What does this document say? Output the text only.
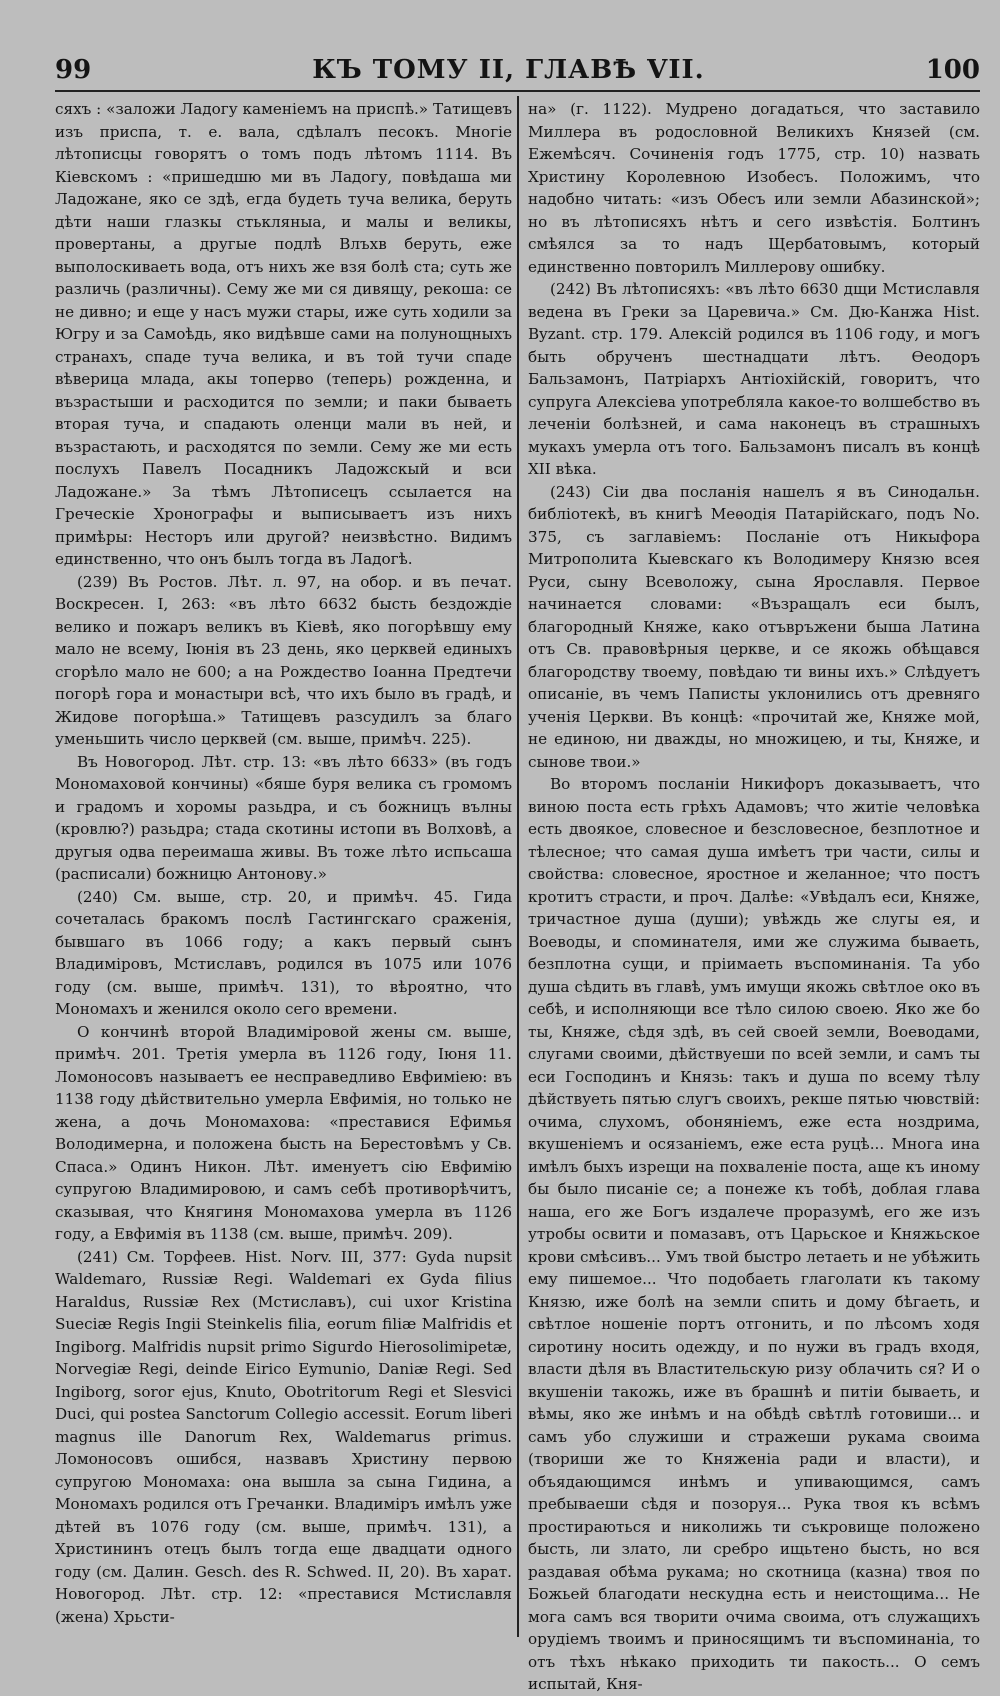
99	КЪ ТОМУ II, ГЛАВѢ VII.	100

сяхъ : «заложи Ладогу каменіемъ на приспѣ.» Татищевъ изъ приспа, т. е. вала, сдѣлалъ песокъ. Многіе лѣтописцы говорятъ о томъ подъ лѣтомъ 1114. Въ Кіевскомъ : «пришедшю ми въ Ладогу, повѣдаша ми Ладожане, яко се здѣ, егда будеть туча велика, беруть дѣти наши глазкы стькляныа, и малы и великы, провертаны, а другые подлѣ Влъхв беруть, еже выполоскиваеть вода, отъ нихъ же взя болѣ ста; суть же различь (различны). Сему же ми ся дивящу, рекоша: се не дивно; и еще у насъ мужи стары, иже суть ходили за Югру и за Самоѣдь, яко видѣвше сами на полунощныхъ странахъ, спаде туча велика, и въ той тучи спаде вѣверица млада, акы топерво (теперь) рожденна, и възрастыши и расходится по земли; и паки бываеть вторая туча, и спадають оленци мали въ ней, и възрастають, и расходятся по земли. Сему же ми есть послухъ Павелъ Посадникъ Ладожскый и вси Ладожане.» За тѣмъ Лѣтописецъ ссылается на Греческіе Хронографы и выписываетъ изъ нихъ примѣры: Несторъ или другой? неизвѣстно. Видимъ единственно, что онъ былъ тогда въ Ладогѣ.

(239) Въ Ростов. Лѣт. л. 97, на обор. и въ печат. Воскресен. I, 263: «въ лѣто 6632 бысть бездождіе велико и пожаръ великъ въ Кіевѣ, яко погорѣвшу ему мало не всему, Іюнія въ 23 день, яко церквей единыхъ сгорѣло мало не 600; а на Рождество Іоанна Предтечи погорѣ гора и монастыри всѣ, что ихъ было въ градѣ, и Жидове погорѣша.» Татищевъ разсудилъ за благо уменьшить число церквей (см. выше, примѣч. 225).

Въ Новогород. Лѣт. стр. 13: «въ лѣто 6633» (въ годъ Мономаховой кончины) «бяше буря велика съ громомъ и градомъ и хоромы разьдра, и съ божницъ вълны (кровлю?) разьдра; стада скотины истопи въ Волховѣ, а другыя одва переимаша живы. Въ тоже лѣто испьсаша (расписали) божницю Антонову.»

(240) См. выше, стр. 20, и примѣч. 45. Гида сочеталась бракомъ послѣ Гастингскаго сраженія, бывшаго въ 1066 году; а какъ первый сынъ Владиміровъ, Мстиславъ, родился въ 1075 или 1076 году (см. выше, примѣч. 131), то вѣроятно, что Мономахъ и женился около сего времени.

О кончинѣ второй Владиміровой жены см. выше, примѣч. 201. Третія умерла въ 1126 году, Іюня 11. Ломоносовъ называетъ ее несправедливо Евфиміею: въ 1138 году дѣйствительно умерла Евфимія, но только не жена, а дочь Мономахова: «преставися Ефимья Володимерна, и положена бысть на Берестовѣмъ у Св. Спаса.» Одинъ Никон. Лѣт. именуетъ сію Евфимію супругою Владимировою, и самъ себѣ противорѣчитъ, сказывая, что Княгиня Мономахова умерла въ 1126 году, а Евфимія въ 1138 (см. выше, примѣч. 209).

(241) См. Торфеев. Hist. Norv. III, 377: Gyda nupsit Waldemaro, Russiæ Regi. Waldemari ex Gyda filius Haraldus, Russiæ Rex (Мстиславъ), cui uxor Kristina Sueciæ Regis Ingii Steinkelis filia, eorum filiæ Malfridis et Ingiborg. Malfridis nupsit primo Sigurdo Hierosolimipetæ, Norvegiæ Regi, deinde Eirico Eymunio, Daniæ Regi. Sed Ingiborg, soror ejus, Knuto, Obotritorum Regi et Slesvici Duci, qui postea Sanctorum Collegio accessit. Eorum liberi magnus ille Danorum Rex, Waldemarus primus. Ломоносовъ ошибся, назвавъ Христину первою супругою Мономаха: она вышла за сына Гидина, а Мономахъ родился отъ Гречанки. Владиміръ имѣлъ уже дѣтей въ 1076 году (см. выше, примѣч. 131), а Христининъ отецъ былъ тогда еще двадцати одного году (см. Далин. Gesch. des R. Schwed. II, 20). Въ харат. Новогород. Лѣт. стр. 12: «преставися Мстиславля (жена) Хрьсти-

на» (г. 1122). Мудрено догадаться, что заставило Миллера въ родословной Великихъ Князей (см. Ежемѣсяч. Сочиненія годъ 1775, стр. 10) назвать Христину Королевною Изобесъ. Положимъ, что надобно читать: «изъ Обесъ или земли Абазинской»; но въ лѣтописяхъ нѣтъ и сего извѣстія. Болтинъ смѣялся за то надъ Щербатовымъ, который единственно повторилъ Миллерову ошибку.

(242) Въ лѣтописяхъ: «въ лѣто 6630 дщи Мстиславля ведена въ Греки за Царевича.» См. Дю-Канжа Hist. Byzant. стр. 179. Алексій родился въ 1106 году, и могъ быть обрученъ шестнадцати лѣтъ. Ѳеодоръ Бальзамонъ, Патріархъ Антіохійскій, говоритъ, что супруга Алексіева употребляла какое-то волшебство въ леченіи болѣзней, и сама наконецъ въ страшныхъ мукахъ умерла отъ того. Бальзамонъ писалъ въ концѣ XII вѣка.

(243) Сіи два посланія нашелъ я въ Синодальн. библіотекѣ, въ книгѣ Меѳодія Патарійскаго, подъ No. 375, съ заглавіемъ: Посланіе отъ Никыфора Митрополита Кыевскаго къ Володимеру Князю всея Руси, сыну Всеволожу, сына Ярославля. Первое начинается словами: «Възращалъ еси былъ, благородный Княже, како отъвръжени быша Латина отъ Св. правовѣрныя церкве, и се якожь обѣщався благородству твоему, повѣдаю ти вины ихъ.» Слѣдуетъ описаніе, въ чемъ Паписты уклонились отъ древняго ученія Церкви. Въ концѣ: «прочитай же, Княже мой, не единою, ни дважды, но множицею, и ты, Княже, и сынове твои.»

Во второмъ посланіи Никифоръ доказываетъ, что виною поста есть грѣхъ Адамовъ; что житіе человѣка есть двоякое, словесное и безсловесное, безплотное и тѣлесное; что самая душа имѣетъ три части, силы и свойства: словесное, яростное и желанное; что постъ кротитъ страсти, и проч. Далѣе: «Увѣдалъ еси, Княже, тричастное душа (души); увѣждь же слугы ея, и Воеводы, и споминателя, ими же служима бываеть, безплотна сущи, и пріимаеть въспоминанія. Та убо душа сѣдить въ главѣ, умъ имущи якожь свѣтлое око въ себѣ, и исполняющи все тѣло силою своею. Яко же бо ты, Княже, сѣдя здѣ, въ сей своей земли, Воеводами, слугами своими, дѣйствуеши по всей земли, и самъ ты еси Господинъ и Князь: такъ и душа по всему тѣлу дѣйствуеть пятью слугъ своихъ, рекше пятью чювствій: очима, слухомъ, обоняніемъ, еже еста ноздрима, вкушеніемъ и осязаніемъ, еже еста руцѣ... Многа ина имѣлъ быхъ изрещи на похваленіе поста, аще къ иному бы было писаніе се; а понеже къ тобѣ, доблая глава наша, его же Богъ издалече проразумѣ, его же изъ утробы освити и помазавъ, отъ Царьское и Княжьское крови смѣсивъ... Умъ твой быстро летаеть и не убѣжить ему пишемое... Что подобаеть глаголати къ такому Князю, иже болѣ на земли спить и дому бѣгаеть, и свѣтлое ношеніе портъ отгонить, и по лѣсомъ ходя сиротину носить одежду, и по нужи въ градъ входя, власти дѣля въ Властительскую ризу облачить ся? И о вкушеніи такожь, иже въ брашнѣ и питіи бываеть, и вѣмы, яко же инѣмъ и на обѣдѣ свѣтлѣ готовиши... и самъ убо служиши и стражеши рукама своима (твориши же то Княженіа ради и власти), и объядающимся инѣмъ и упивающимся, самъ пребываеши сѣдя и позоруя... Рука твоя къ всѣмъ простираються и николижь ти съкровище положено бысть, ли злато, ли сребро ищьтено бысть, но вся раздавая обѣма рукама; но скотница (казна) твоя по Божьей благодати нескудна есть и неистощима... Не мога самъ вся творити очима своима, отъ служащихъ орудіемъ твоимъ и приносящимъ ти въспоминаніа, то отъ тѣхъ нѣкако приходить ти пакость... О семъ испытай, Кня-
